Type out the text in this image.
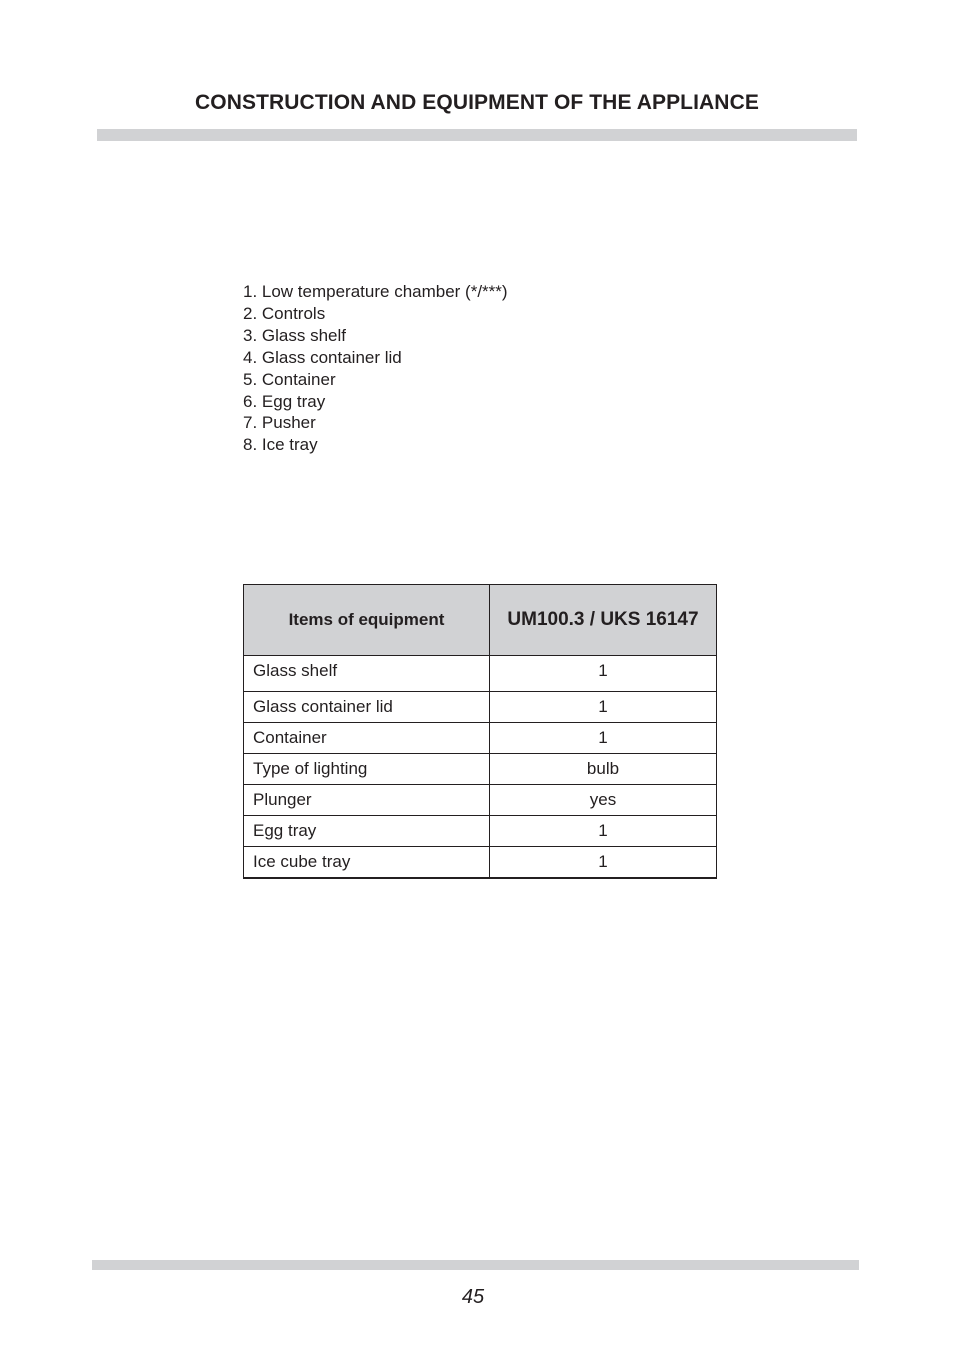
CONSTRUCTION AND EQUIPMENT OF THE APPLIANCE
1. Low temperature chamber (*/***)
2. Controls
3. Glass shelf
4. Glass container lid
5. Container
6. Egg tray
7. Pusher
8. Ice tray
Items of equipment	UM100.3 / UKS 16147
Glass shelf	1
Glass container lid	1
Container	1
Type of lighting	bulb
Plunger	yes
Egg tray	1
Ice cube tray	1
45
